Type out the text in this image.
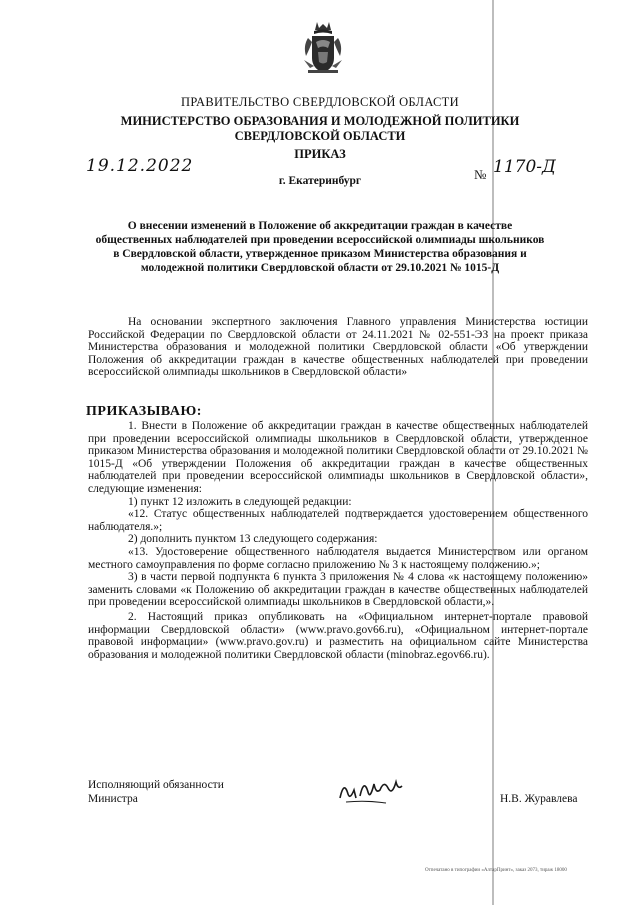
ПРАВИТЕЛЬСТВО СВЕРДЛОВСКОЙ ОБЛАСТИ
МИНИСТЕРСТВО ОБРАЗОВАНИЯ И МОЛОДЕЖНОЙ ПОЛИТИКИ
СВЕРДЛОВСКОЙ ОБЛАСТИ
ПРИКАЗ
19.12.2022	№ 1170-Д
г. Екатеринбург
О внесении изменений в Положение об аккредитации граждан в качестве общественных наблюдателей при проведении всероссийской олимпиады школьников в Свердловской области, утвержденное приказом Министерства образования и молодежной политики Свердловской области от 29.10.2021 № 1015-Д
На основании экспертного заключения Главного управления Министерства юстиции Российской Федерации по Свердловской области от 24.11.2021 № 02-551-ЭЗ на проект приказа Министерства образования и молодежной политики Свердловской области «Об утверждении Положения об аккредитации граждан в качестве общественных наблюдателей при проведении всероссийской олимпиады школьников в Свердловской области»
ПРИКАЗЫВАЮ:
1. Внести в Положение об аккредитации граждан в качестве общественных наблюдателей при проведении всероссийской олимпиады школьников в Свердловской области, утвержденное приказом Министерства образования и молодежной политики Свердловской области от 29.10.2021 № 1015-Д «Об утверждении Положения об аккредитации граждан в качестве общественных наблюдателей при проведении всероссийской олимпиады школьников в Свердловской области», следующие изменения:
1) пункт 12 изложить в следующей редакции:
«12. Статус общественных наблюдателей подтверждается удостоверением общественного наблюдателя.»;
2) дополнить пунктом 13 следующего содержания:
«13. Удостоверение общественного наблюдателя выдается Министерством или органом местного самоуправления по форме согласно приложению № 3 к настоящему положению.»;
3) в части первой подпункта 6 пункта 3 приложения № 4 слова «к настоящему положению» заменить словами «к Положению об аккредитации граждан в качестве общественных наблюдателей при проведении всероссийской олимпиады школьников в Свердловской области,».
2. Настоящий приказ опубликовать на «Официальном интернет-портале правовой информации Свердловской области» (www.pravo.gov66.ru), «Официальном интернет-портале правовой информации» (www.pravo.gov.ru) и разместить на официальном сайте Министерства образования и молодежной политики Свердловской области (minobraz.egov66.ru).
Исполняющий обязанности
Министра	Н.В. Журавлева
Отпечатано в типографии «АлтарПринт», заказ 2073, тираж 18000
